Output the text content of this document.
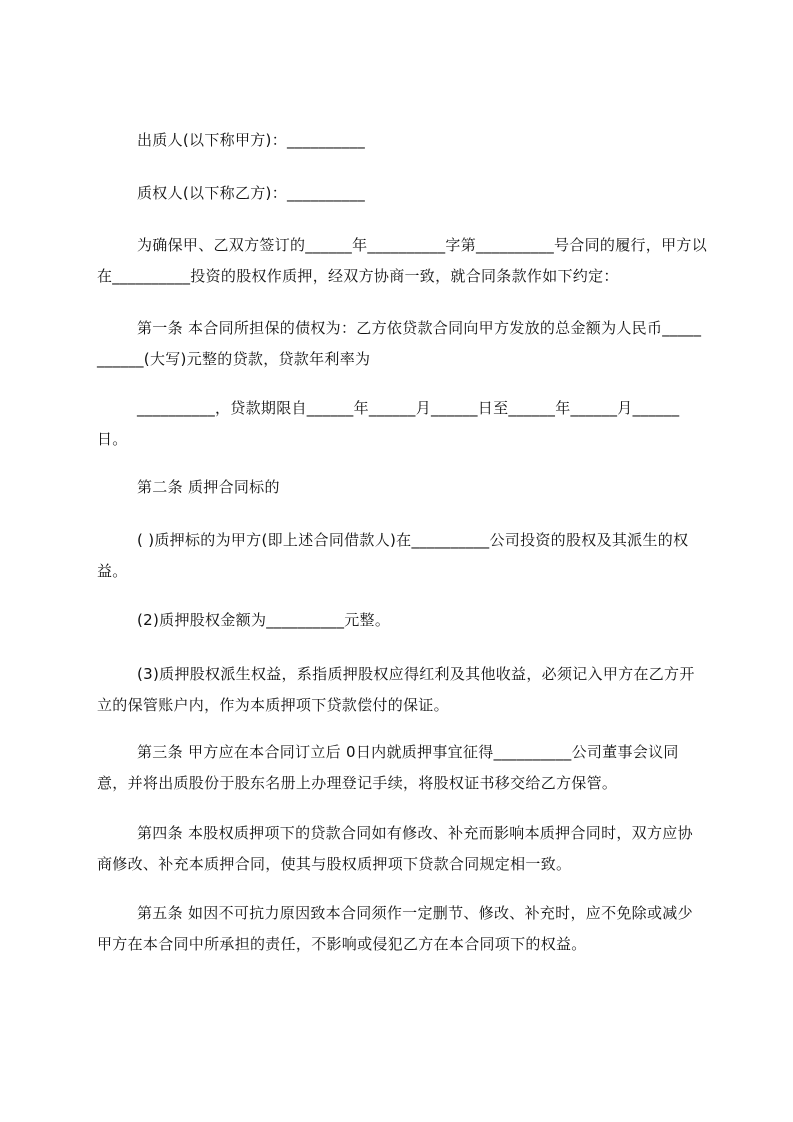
出质人(以下称甲方)：__________
质权人(以下称乙方)：__________
为确保甲、乙双方签订的______年__________字第__________号合同的履行，甲方以在__________投资的股权作质押，经双方协商一致，就合同条款作如下约定：
第一条 本合同所担保的债权为：乙方依贷款合同向甲方发放的总金额为人民币___________(大写)元整的贷款，贷款年利率为
__________，贷款期限自______年______月______日至______年______月______日。
第二条 质押合同标的
( )质押标的为甲方(即上述合同借款人)在__________公司投资的股权及其派生的权益。
(2)质押股权金额为__________元整。
(3)质押股权派生权益，系指质押股权应得红利及其他收益，必须记入甲方在乙方开立的保管账户内，作为本质押项下贷款偿付的保证。
第三条 甲方应在本合同订立后 0日内就质押事宜征得__________公司董事会议同意，并将出质股份于股东名册上办理登记手续，将股权证书移交给乙方保管。
第四条 本股权质押项下的贷款合同如有修改、补充而影响本质押合同时，双方应协商修改、补充本质押合同，使其与股权质押项下贷款合同规定相一致。
第五条 如因不可抗力原因致本合同须作一定删节、修改、补充时，应不免除或减少甲方在本合同中所承担的责任，不影响或侵犯乙方在本合同项下的权益。
